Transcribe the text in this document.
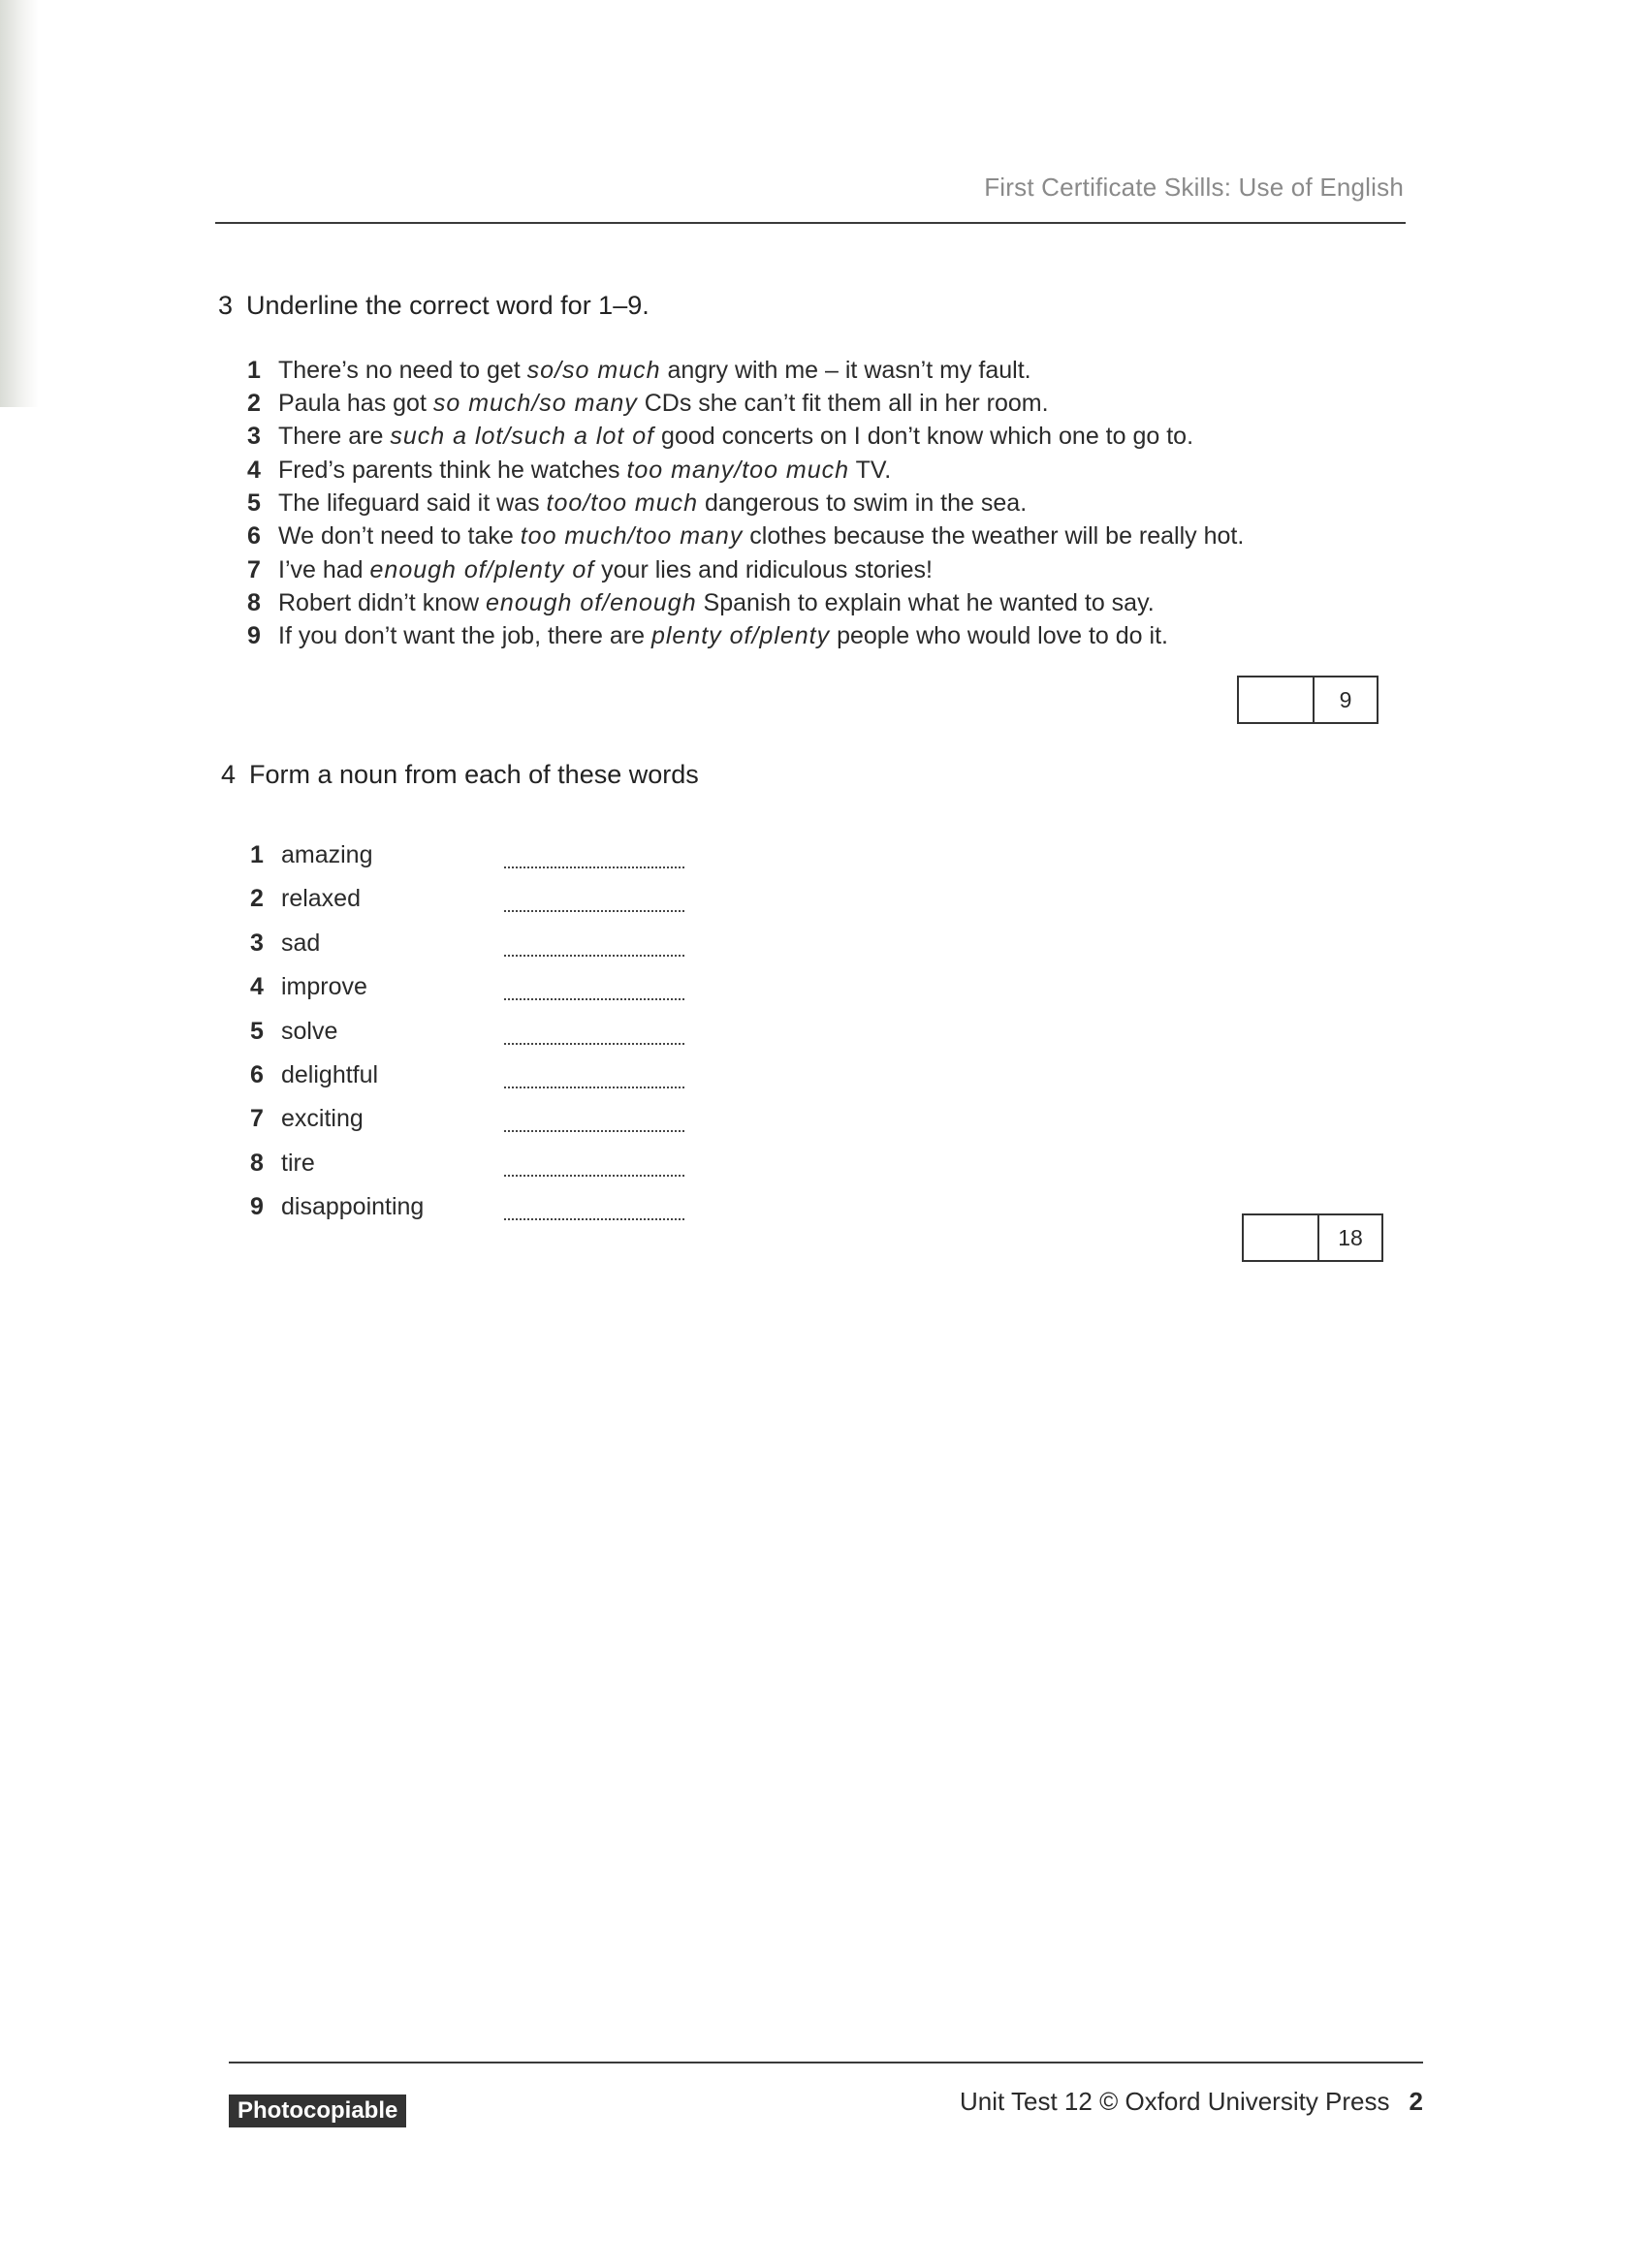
First Certificate Skills: Use of English
3 Underline the correct word for 1–9.
1 There’s no need to get so/so much angry with me – it wasn’t my fault.
2 Paula has got so much/so many CDs she can’t fit them all in her room.
3 There are such a lot/such a lot of good concerts on I don’t know which one to go to.
4 Fred’s parents think he watches too many/too much TV.
5 The lifeguard said it was too/too much dangerous to swim in the sea.
6 We don’t need to take too much/too many clothes because the weather will be really hot.
7 I’ve had enough of/plenty of your lies and ridiculous stories!
8 Robert didn’t know enough of/enough Spanish to explain what he wanted to say.
9 If you don’t want the job, there are plenty of/plenty people who would love to do it.
9
4 Form a noun from each of these words
1 amazing
2 relaxed
3 sad
4 improve
5 solve
6 delightful
7 exciting
8 tire
9 disappointing
18
Photocopiable	Unit Test 12 © Oxford University Press 2
